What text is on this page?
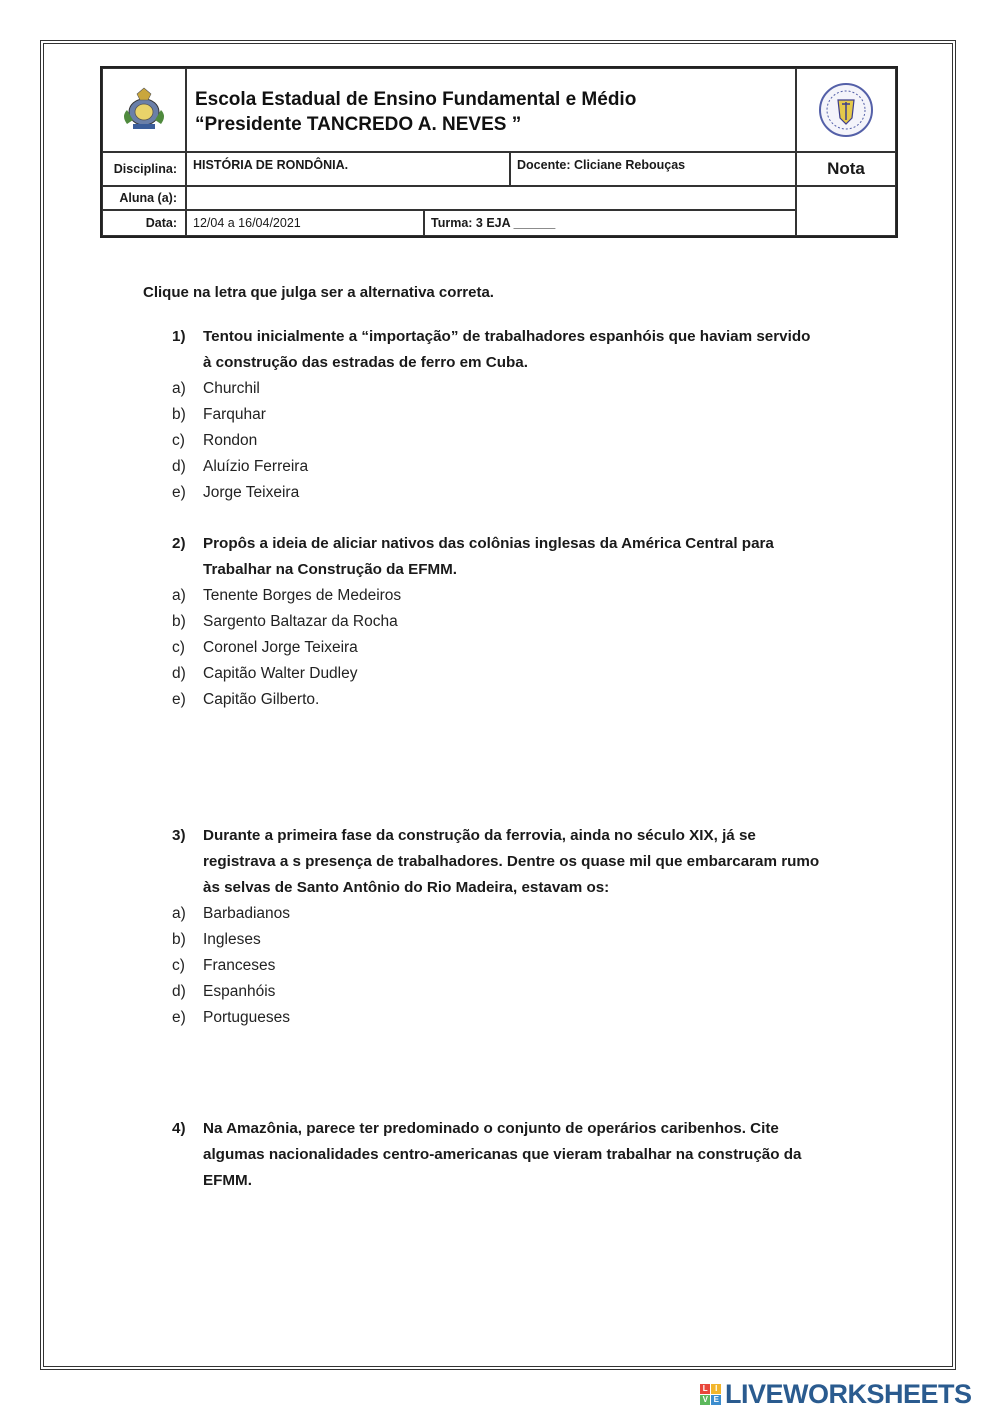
Escola Estadual de Ensino Fundamental e Médio
“Presidente TANCREDO A. NEVES ”
Disciplina: HISTÓRIA DE RONDÔNIA.	Docente: Cliciane Rebouças	Nota
Aluna (a):
Data: 12/04 a 16/04/2021	Turma: 3 EJA ______
Clique na letra que julga ser a alternativa correta.
1)	Tentou inicialmente a “importação” de trabalhadores espanhóis que haviam servido
à construção das estradas de ferro em Cuba.
a)	Churchil
b)	Farquhar
c)	Rondon
d)	Aluízio Ferreira
e)	Jorge Teixeira
2)	Propôs a ideia de aliciar nativos das colônias inglesas da América Central para
Trabalhar na Construção da EFMM.
a)	Tenente Borges de Medeiros
b)	Sargento Baltazar da Rocha
c)	Coronel Jorge Teixeira
d)	Capitão Walter Dudley
e)	Capitão Gilberto.
3)	Durante a primeira fase da construção da ferrovia, ainda no século XIX, já se
registrava a s presença de trabalhadores. Dentre os quase mil que embarcaram rumo
às selvas de Santo Antônio do Rio Madeira, estavam os:
a)	Barbadianos
b)	Ingleses
c)	Franceses
d)	Espanhóis
e)	Portugueses
4)	Na Amazônia, parece ter predominado o conjunto de operários caribenhos. Cite
algumas nacionalidades centro-americanas que vieram trabalhar na construção da
EFMM.
L I
V E LIVEWORKSHEETS
